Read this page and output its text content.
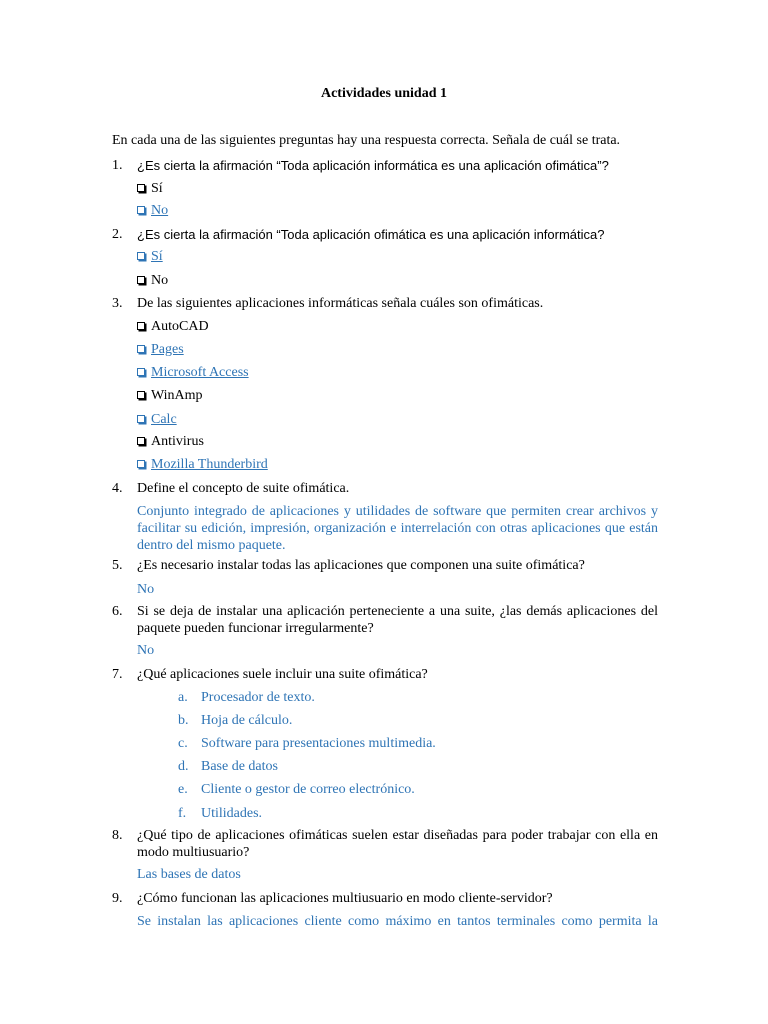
Actividades unidad 1
En cada una de las siguientes preguntas hay una respuesta correcta. Señala de cuál se trata.
1. ¿Es cierta la afirmación “Toda aplicación informática es una aplicación ofimática”?
Sí
No
2. ¿Es cierta la afirmación “Toda aplicación ofimática es una aplicación informática?
Sí
No
3. De las siguientes aplicaciones informáticas señala cuáles son ofimáticas.
AutoCAD
Pages
Microsoft Access
WinAmp
Calc
Antivirus
Mozilla Thunderbird
4. Define el concepto de suite ofimática.
Conjunto integrado de aplicaciones y utilidades de software que permiten crear archivos y facilitar su edición, impresión, organización e interrelación con otras aplicaciones que están dentro del mismo paquete.
5. ¿Es necesario instalar todas las aplicaciones que componen una suite ofimática?
No
6. Si se deja de instalar una aplicación perteneciente a una suite, ¿las demás aplicaciones del paquete pueden funcionar irregularmente?
No
7. ¿Qué aplicaciones suele incluir una suite ofimática?
a. Procesador de texto.
b. Hoja de cálculo.
c. Software para presentaciones multimedia.
d. Base de datos
e. Cliente o gestor de correo electrónico.
f. Utilidades.
8. ¿Qué tipo de aplicaciones ofimáticas suelen estar diseñadas para poder trabajar con ella en modo multiusuario?
Las bases de datos
9. ¿Cómo funcionan las aplicaciones multiusuario en modo cliente-servidor?
Se instalan las aplicaciones cliente como máximo en tantos terminales como permita la
